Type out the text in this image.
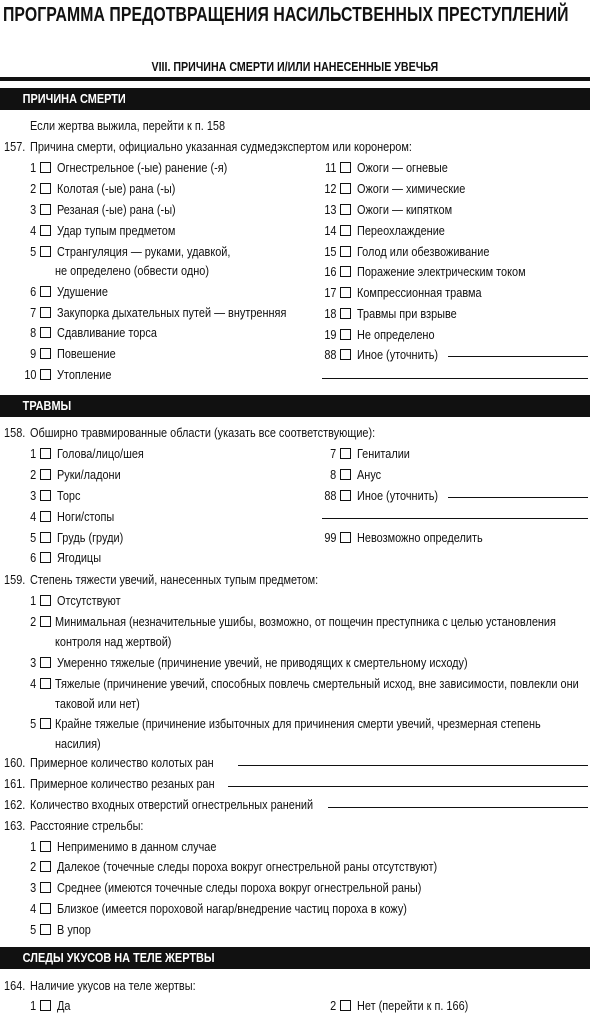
ПРОГРАММА ПРЕДОТВРАЩЕНИЯ НАСИЛЬСТВЕННЫХ ПРЕСТУПЛЕНИЙ
VIII. ПРИЧИНА СМЕРТИ И/ИЛИ НАНЕСЕННЫЕ УВЕЧЬЯ
ПРИЧИНА СМЕРТИ
Если жертва выжила, перейти к п. 158
157. Причина смерти, официально указанная судмедэкспертом или коронером:
1 Огнестрельное (-ые) ранение (-я)
2 Колотая (-ые) рана (-ы)
3 Резаная (-ые) рана (-ы)
4 Удар тупым предметом
5 Странгуляция — руками, удавкой,
не определено (обвести одно)
6 Удушение
7 Закупорка дыхательных путей — внутренняя
8 Сдавливание торса
9 Повешение
10 Утопление
11 Ожоги — огневые
12 Ожоги — химические
13 Ожоги — кипятком
14 Переохлаждение
15 Голод или обезвоживание
16 Поражение электрическим током
17 Компрессионная травма
18 Травмы при взрыве
19 Не определено
88 Иное (уточнить)
ТРАВМЫ
158. Обширно травмированные области (указать все соответствующие):
1 Голова/лицо/шея
2 Руки/ладони
3 Торс
4 Ноги/стопы
5 Грудь (груди)
6 Ягодицы
7 Гениталии
8 Анус
88 Иное (уточнить)
99 Невозможно определить
159. Степень тяжести увечий, нанесенных тупым предметом:
1 Отсутствуют
2 Минимальная (незначительные ушибы, возможно, от пощечин преступника с целью установления контроля над жертвой)
3 Умеренно тяжелые (причинение увечий, не приводящих к смертельному исходу)
4 Тяжелые (причинение увечий, способных повлечь смертельный исход, вне зависимости, повлекли они таковой или нет)
5 Крайне тяжелые (причинение избыточных для причинения смерти увечий, чрезмерная степень насилия)
160. Примерное количество колотых ран
161. Примерное количество резаных ран
162. Количество входных отверстий огнестрельных ранений
163. Расстояние стрельбы:
1 Неприменимо в данном случае
2 Далекое (точечные следы пороха вокруг огнестрельной раны отсутствуют)
3 Среднее (имеются точечные следы пороха вокруг огнестрельной раны)
4 Близкое (имеется пороховой нагар/внедрение частиц пороха в кожу)
5 В упор
СЛЕДЫ УКУСОВ НА ТЕЛЕ ЖЕРТВЫ
164. Наличие укусов на теле жертвы:
1 Да	2 Нет (перейти к п. 166)
